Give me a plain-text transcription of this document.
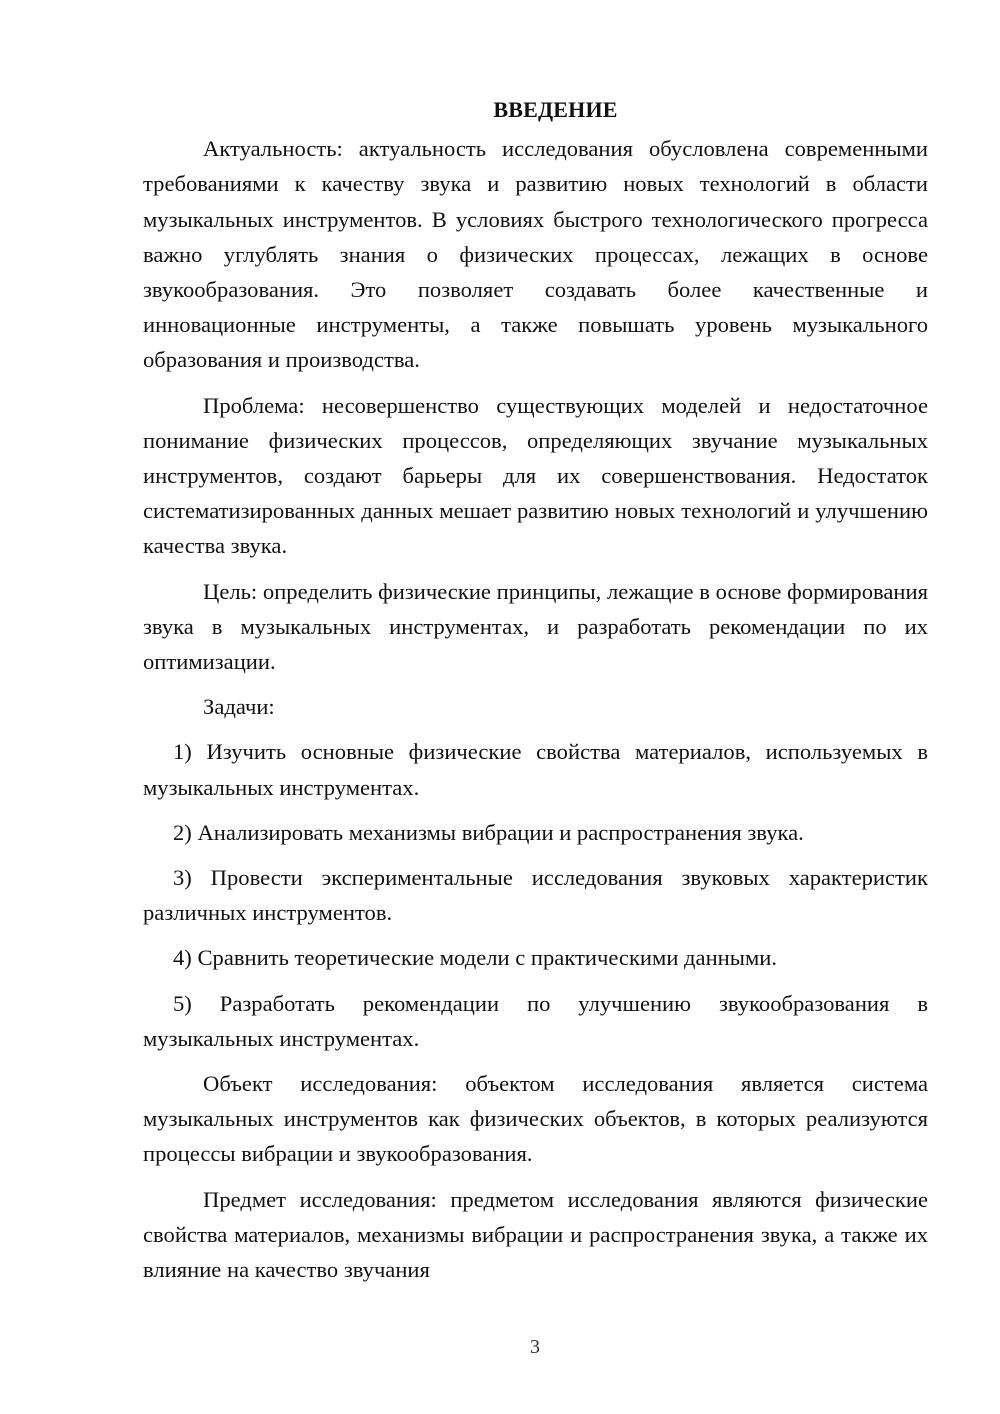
ВВЕДЕНИЕ

Актуальность: актуальность исследования обусловлена современными требованиями к качеству звука и развитию новых технологий в области музыкальных инструментов. В условиях быстрого технологического прогресса важно углублять знания о физических процессах, лежащих в основе звукообразования. Это позволяет создавать более качественные и инновационные инструменты, а также повышать уровень музыкального образования и производства.

Проблема: несовершенство существующих моделей и недостаточное понимание физических процессов, определяющих звучание музыкальных инструментов, создают барьеры для их совершенствования. Недостаток систематизированных данных мешает развитию новых технологий и улучшению качества звука.

Цель: определить физические принципы, лежащие в основе формирования звука в музыкальных инструментах, и разработать рекомендации по их оптимизации.

Задачи:

1) Изучить основные физические свойства материалов, используемых в музыкальных инструментах.

2) Анализировать механизмы вибрации и распространения звука.

3) Провести экспериментальные исследования звуковых характеристик различных инструментов.

4) Сравнить теоретические модели с практическими данными.

5) Разработать рекомендации по улучшению звукообразования в музыкальных инструментах.

Объект исследования: объектом исследования является система музыкальных инструментов как физических объектов, в которых реализуются процессы вибрации и звукообразования.

Предмет исследования: предметом исследования являются физические свойства материалов, механизмы вибрации и распространения звука, а также их влияние на качество звучания

3
